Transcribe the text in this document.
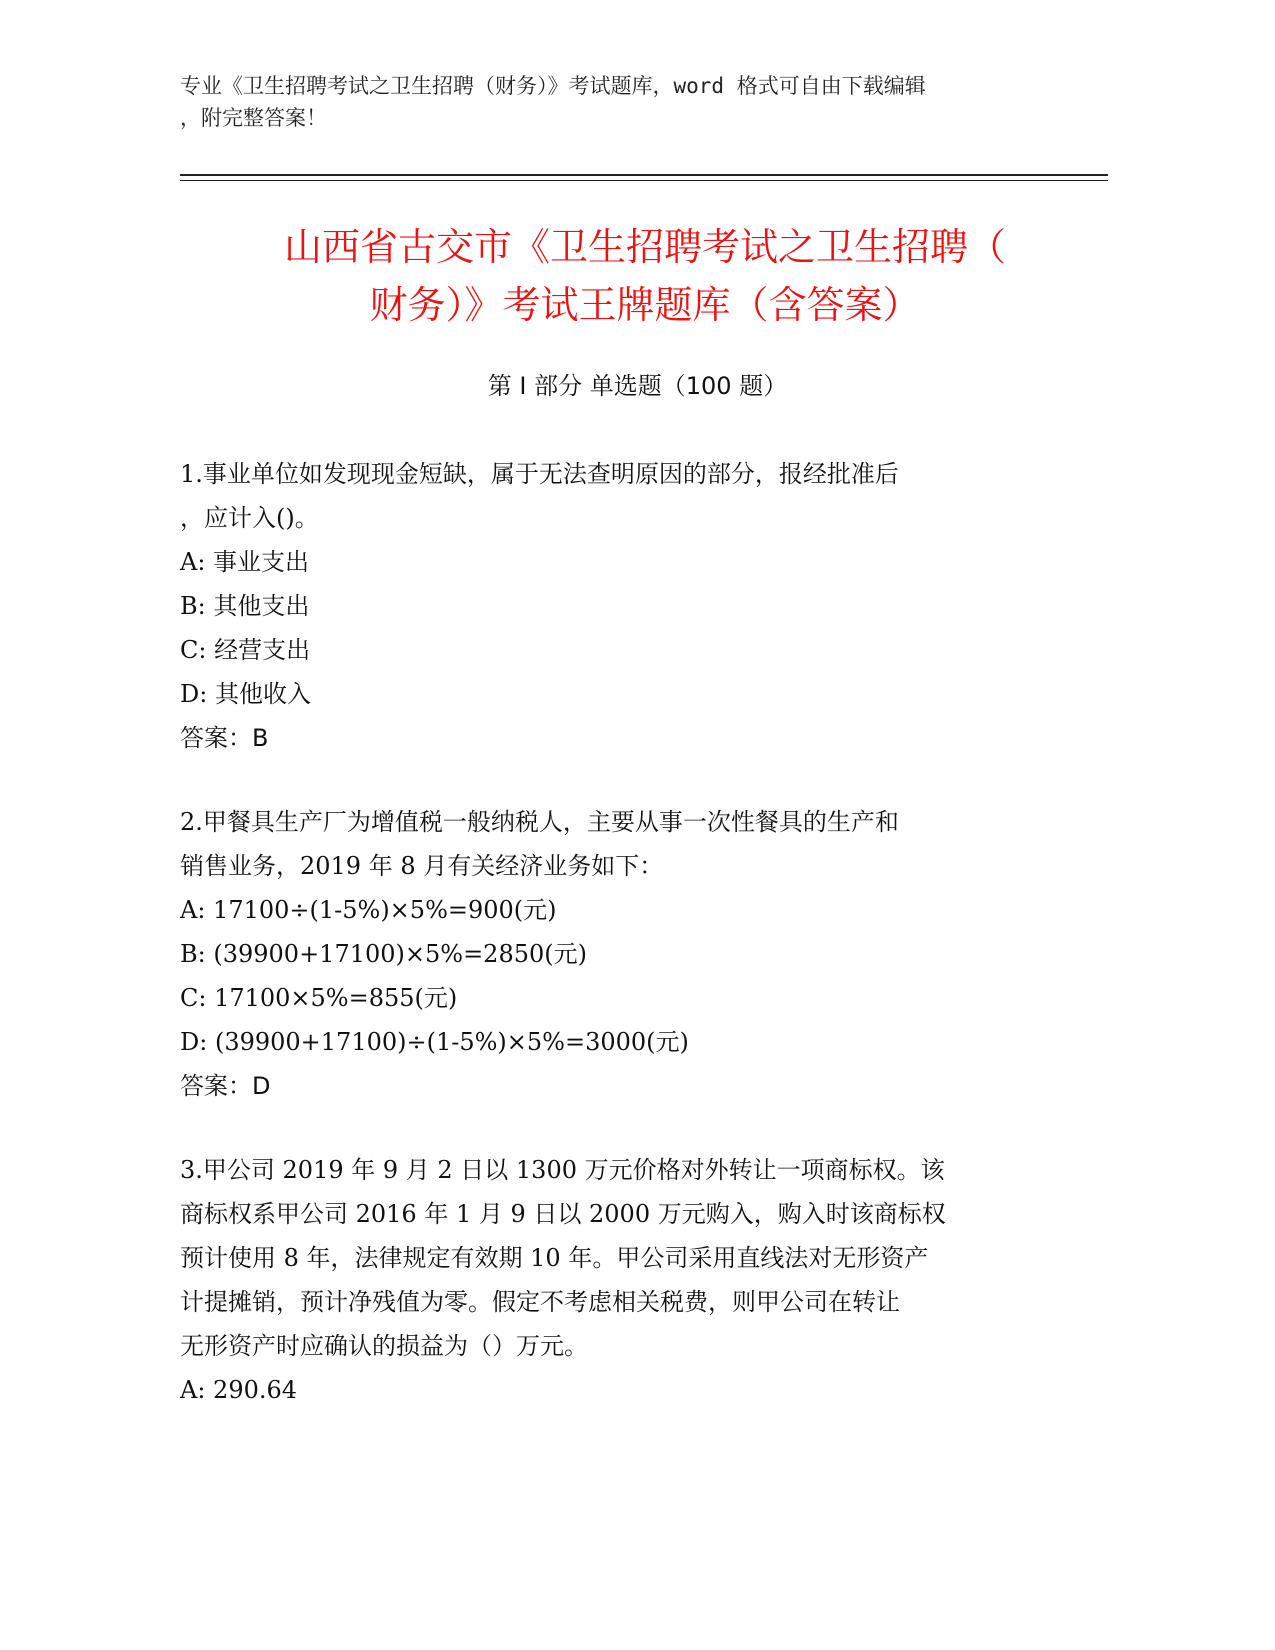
专业《卫生招聘考试之卫生招聘（财务）》考试题库，word 格式可自由下载编辑
，附完整答案！
山西省古交市《卫生招聘考试之卫生招聘（
财务）》考试王牌题库（含答案）
第 I 部分 单选题（100 题）
1.事业单位如发现现金短缺，属于无法查明原因的部分，报经批准后
，应计入()。
A: 事业支出
B: 其他支出
C: 经营支出
D: 其他收入
答案：B
2.甲餐具生产厂为增值税一般纳税人，主要从事一次性餐具的生产和
销售业务，2019 年 8 月有关经济业务如下：
A: 17100÷(1-5%)×5%=900(元)
B: (39900+17100)×5%=2850(元)
C: 17100×5%=855(元)
D: (39900+17100)÷(1-5%)×5%=3000(元)
答案：D
3.甲公司 2019 年 9 月 2 日以 1300 万元价格对外转让一项商标权。该
商标权系甲公司 2016 年 1 月 9 日以 2000 万元购入，购入时该商标权
预计使用 8 年，法律规定有效期 10 年。甲公司采用直线法对无形资产
计提摊销，预计净残值为零。假定不考虑相关税费，则甲公司在转让
无形资产时应确认的损益为（）万元。
A: 290.64
